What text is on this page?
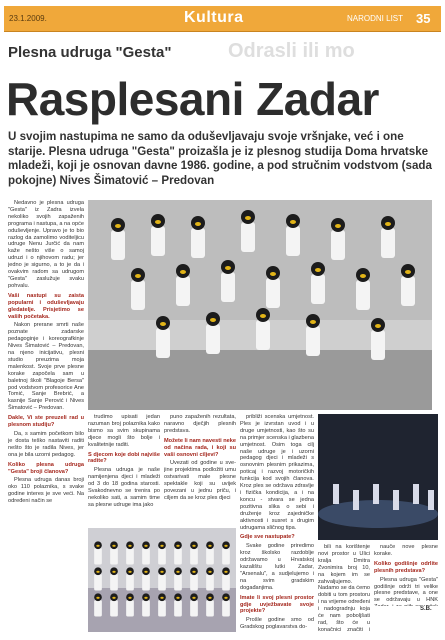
23.1.2009.	Kultura	NARODNI LIST 35
Plesna udruga "Gesta"	Odrasli ili mo
Rasplesani Zadar
U svojim nastupima ne samo da oduševljavaju svoje vršnjake, već i one starije. Plesna udruga "Gesta" proizašla je iz plesnog studija Doma hrvatske mladeži, koji je osnovan davne 1986. godine, a pod stručnim vodstvom (sada pokojne) Nives Šimatović – Predovan

Nedavno je plesna udruga "Gesta" iz Zadra izvela nekoliko svojih zapaženih programa i nastupa, a na opće oduševljenje. Upravo je to bio razlog da zamolimo voditeljicu udruge Nenu Jurčić da nam kaže nešto više o samoj udruzi i o njihovom radu; jer jedno je sigurno, a to je da i ovakvim radom sa udrugom "Gesta" zaslužuje svaku pohvalu.

Vaši nastupi su zaista popularni i oduševljavaju gledatelje. Prisjetimo se vaših početaka.

Nakon prerane smrti naše poznate zadarske pedagoginje i koreografkinje Nives Šimatović – Predovan, na njeno inicijativu, plesni studio preuzima moja malenkost. Svoje prve plesne korake započela sam u baletnoj školi "Blagoje Bersa" pod vodstvom profesorice Ane Tomić, Sanje Brebrić, a kasnije Sanje Perović i Nives Šimatović – Predovan.

Dakle, Vi ste preuzeli rad u plesnom studiju?

Da, s samim početkom bilo je dosta teško nastaviti raditi nešto što je radila Nives, jer ona je bila uzorni pedagog.

Koliko plesna udruga "Gesta" broji članova?

Plesna udruga danas broji oko 110 polaznika, s svake godine interes je sve veći. Na određeni način se

trudimo upisati jedan razuman broj polaznika kako bismo sa svim skupinama djece mogli što bolje i kvalitetnije raditi.

S djecom koje dobi najviše radite?

Plesna udruga je naše namijenjena djeci i mladeži od 3 do 18 godina starosti. Svakodnevno se trenira po nekoliko sati, a samim time sa plesne udruge ima jako

puno zapaženih rezultata, naravno dječjih plesnih predstava.

Možete li nam navesti neke od načina rada, i koji su vaši osnovni ciljevi?

Uvezati od godine u sve-jine projektima podložiti umu ostvarivati male plesne spektakle koji su uvijek povezani u jednu priču, i ciljem da se kroz ples djeci

približi scenska umjetnost. Ples je izvrstan uvod i u druge umjetnosti, kao što su na primjer scenska i glazbena umjetnost. Osim toga cilj naše udruge je i uzorni pedagog djeci i mladeži s osnovnim plesnim prikazima, poticaj i razvoj motoričkih funkcija kod svojih članova. Kroz ples se održava zdravlje i fizička kondicija, a i na koncu - stvara se jedna pozitivna slika o sebi i druženje kroz zajedničke aktivnosti i susret s drugim udrugama sličnog tipa.

Gdje sve nastupate?

Svake godine priredimo kroz školsko razdoblje održavamo u Hrvatskoj kazalištu lutki Zadar, "Arsenalu", a sudjelujemo i na svim gradskim događanjima.

Imate li svoj plesni prostor gdje uvježbavate svoje projekte?

Prošle godine smo od Gradskog poglavarstva do-

bili na korištenje novi prostor u Ulici kralja Dmitra Zvonimira broj 10, na kojem im se zahvaljujemo. Nadamo se da ćemo dobiti u tom prostoru i na vrijeme određeni i nadogradnju koja će nam poboljšati rad, što će u konačnici značiti i

nauče nove plesne korake.

Koliko godišnje odrlite plesnih predstava?

Plesna udruga "Gesta" godišnje održi tri velike plesne predstave, a one se održavaju u HNK

S.B.
